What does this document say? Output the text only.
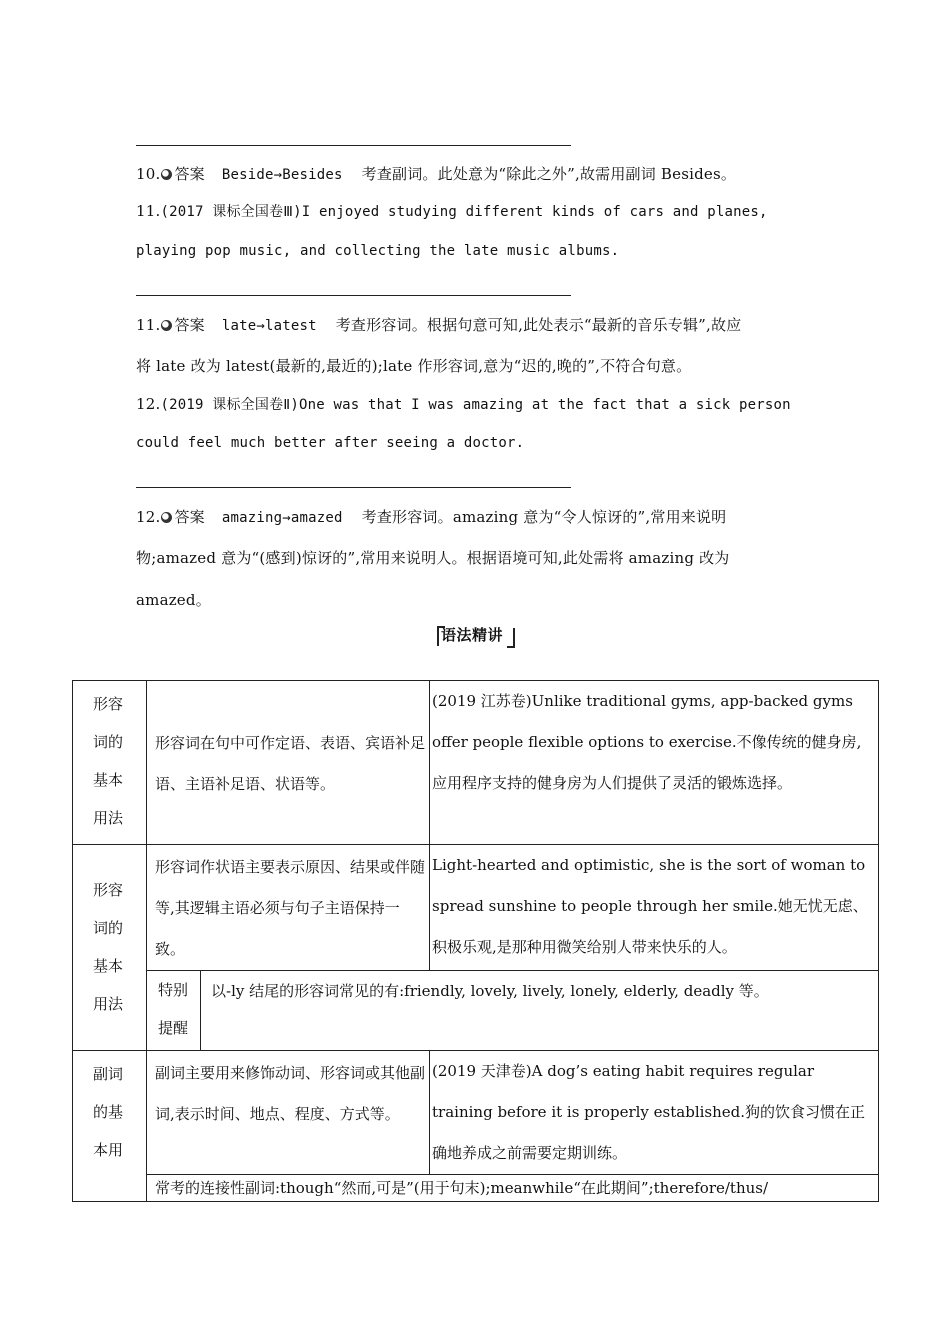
10. 答案 Beside→Besides 考查副词。此处意为“除此之外”,故需用副词 Besides。
11.(2017 课标全国卷Ⅲ)I enjoyed studying different kinds of cars and planes,
playing pop music, and collecting the late music albums.
11. 答案 late→latest 考查形容词。根据句意可知,此处表示“最新的音乐专辑”,故应
将 late 改为 latest(最新的,最近的);late 作形容词,意为“迟的,晚的”,不符合句意。
12.(2019 课标全国卷Ⅱ)One was that I was amazing at the fact that a sick person
could feel much better after seeing a doctor.
12. 答案 amazing→amazed 考查形容词。amazing 意为“令人惊讶的”,常用来说明
物;amazed 意为“(感到)惊讶的”,常用来说明人。根据语境可知,此处需将 amazing 改为
amazed。
语法精讲
形容
词的
基本
用法	形容词在句中可作定语、表语、宾语补足语、主语补足语、状语等。		(2019 江苏卷)Unlike traditional gyms, app-backed gyms offer people flexible options to exercise.不像传统的健身房,应用程序支持的健身房为人们提供了灵活的锻炼选择。

形容
词的
基本
用法	形容词作状语主要表示原因、结果或伴随等,其逻辑主语必须与句子主语保持一致。		Light-hearted and optimistic, she is the sort of woman to spread sunshine to people through her smile.她无忧无虑、积极乐观,是那种用微笑给别人带来快乐的人。

	特别
提醒	以-ly 结尾的形容词常见的有:friendly, lovely, lively, lonely, elderly, deadly 等。	

副词
的基
本用	副词主要用来修饰动词、形容词或其他副词,表示时间、地点、程度、方式等。		(2019 天津卷)A dog’s eating habit requires regular training before it is properly established.狗的饮食习惯在正确地养成之前需要定期训练。

	常考的连接性副词:though“然而,可是”(用于句末);meanwhile“在此期间”;therefore/thus/		
